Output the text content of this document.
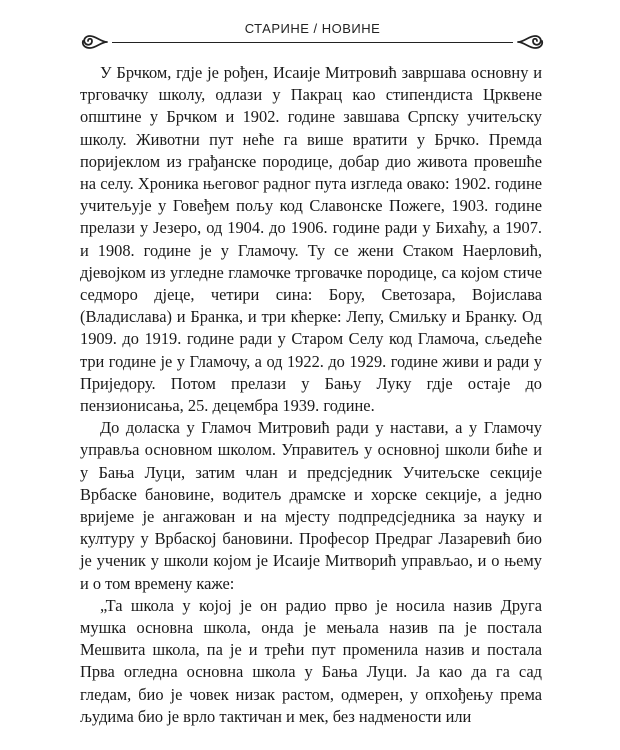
СТАРИНЕ / НОВИНЕ

У Брчком, гдје је рођен, Исаије Митровић завршава основну и трговачку школу, одлази у Пакрац као стипендиста Црквене општине у Брчком и 1902. године завшава Српску учитељску школу. Животни пут неће га више вратити у Брчко. Премда поријеклом из грађанске породице, добар дио живота провешће на селу. Хроника његовог радног пута изгледа овако: 1902. године учитељује у Говеђем пољу код Славонске Пожеге, 1903. године прелази у Језеро, од 1904. до 1906. године ради у Бихаћу, а 1907. и 1908. године је у Гламочу. Ту се жени Стаком Наерловић, дјевојком из угледне гламочке трговачке породице, са којом стиче седморо дјеце, четири сина: Бору, Светозара, Војислава (Владислава) и Бранка, и три кћерке: Лепу, Смиљку и Бранку. Од 1909. до 1919. године ради у Старом Селу код Гламоча, сљедеће три године је у Гламочу, а од 1922. до 1929. године живи и ради у Приједору. Потом прелази у Бању Луку гдје остаје до пензионисања, 25. децембра 1939. године.

До доласка у Гламоч Митровић ради у настави, а у Гламочу управља основном школом. Управитељ у основној школи биће и у Бања Луци, затим члан и предсједник Учитељске секције Врбаске бановине, водитељ драмске и хорске секције, а једно вријеме је ангажован и на мјесту подпредсједника за науку и културу у Врбаској бановини. Професор Предраг Лазаревић био је ученик у школи којом је Исаије Митворић управљао, и о њему и о том времену каже:

„Та школа у којој је он радио прво је носила назив Друга мушка основна школа, онда је мењала назив па је постала Мешвита школа, па је и трећи пут променила назив и постала Прва огледна основна школа у Бања Луци. Ја као да га сад гледам, био је човек низак растом, одмерен, у опхођењу према људима био је врло тактичан и мек, без надмености или
